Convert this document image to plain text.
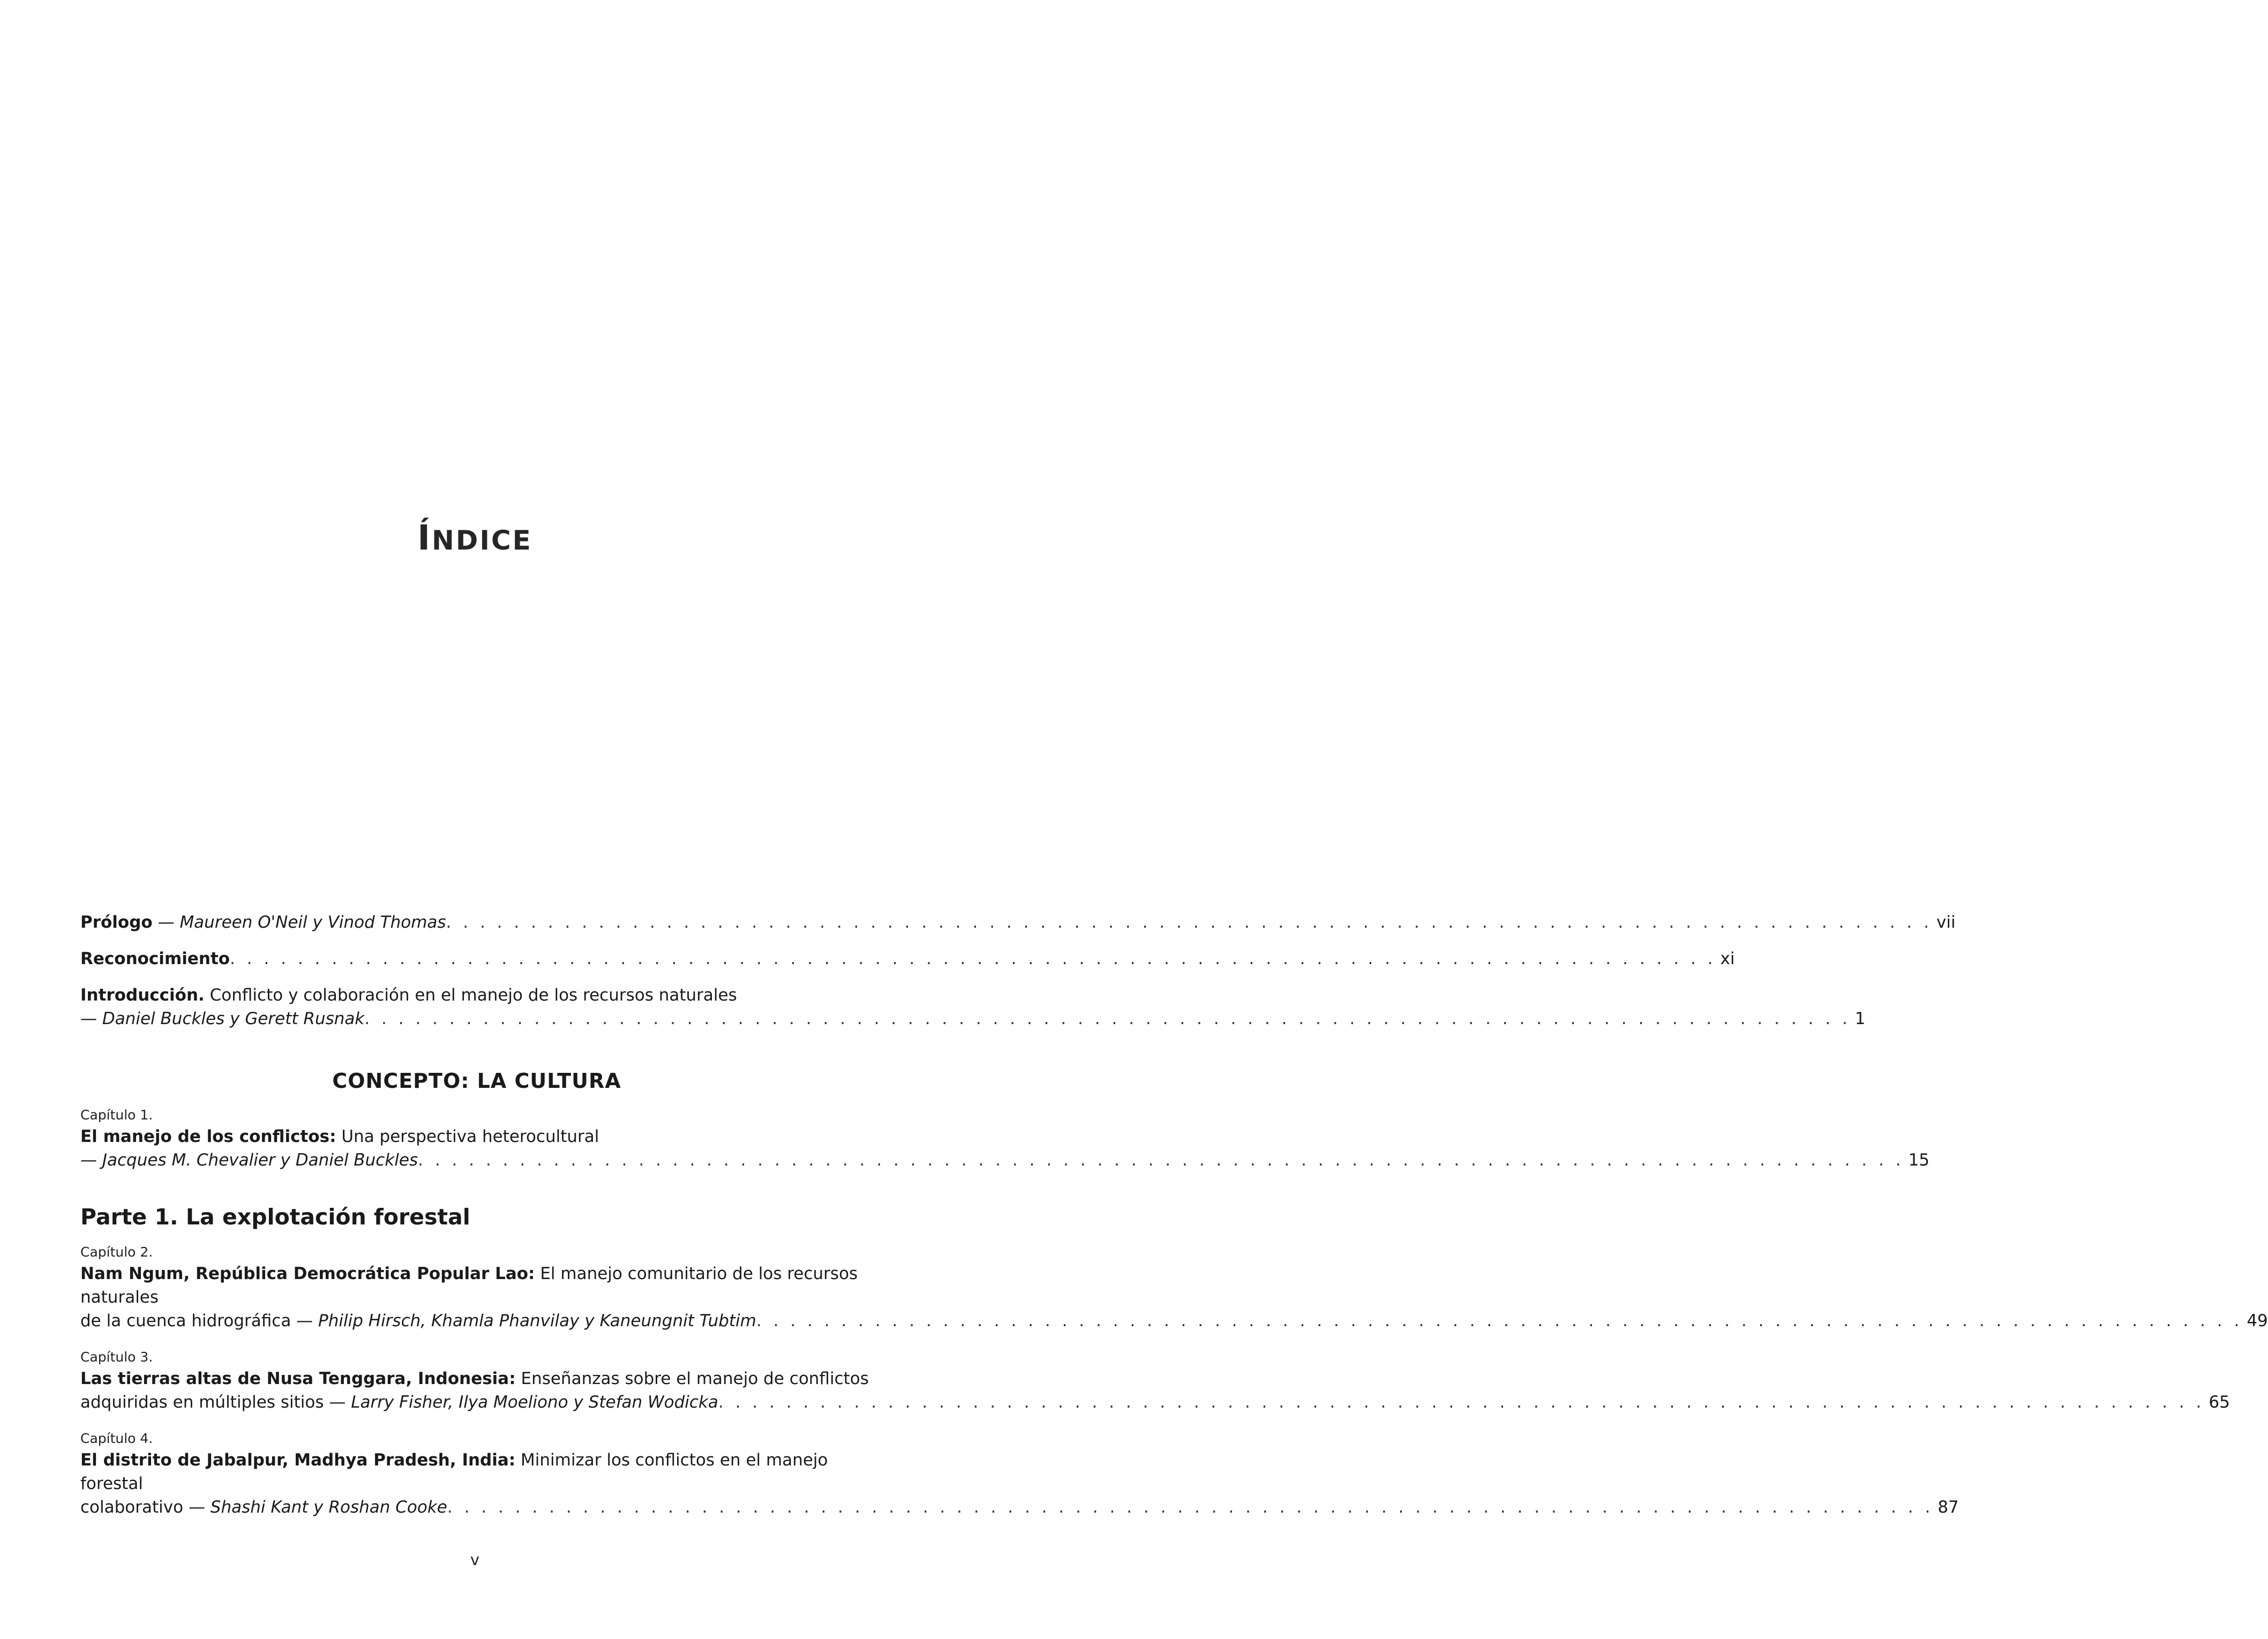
ÍNDICE
Prólogo — Maureen O'Neil y Vinod Thomas . . . . . . . . . . . . . . . . . . . . . . . . . . . . . . . . . . . . . . . . . . . . . . . . . . . . . . . . . . . . . . . . . . . . . . . . . . . . . . . . . . . . . . . . vii
Reconocimiento . . . . . . . . . . . . . . . . . . . . . . . . . . . . . . . . . . . . . . . . . . . . . . . . . . . . . . . . . . . . . . . . . . . . . . . . . . . . . . . . . . . . . . . . xi
Introducción. Conflicto y colaboración en el manejo de los recursos naturales
— Daniel Buckles y Gerett Rusnak . . . . . . . . . . . . . . . . . . . . . . . . . . . . . . . . . . . . . . . . . . . . . . . . . . . . . . . . . . . . . . . . . . . . . . . . . . . . . . . . . . . . . . . . 1
CONCEPTO: LA CULTURA
Capítulo 1.
El manejo de los conflictos: Una perspectiva heterocultural
— Jacques M. Chevalier y Daniel Buckles . . . . . . . . . . . . . . . . . . . . . . . . . . . . . . . . . . . . . . . . . . . . . . . . . . . . . . . . . . . . . . . . . . . . . . . . . . . . . . . . . . . . . . . . 15
Parte 1. La explotación forestal
Capítulo 2.
Nam Ngum, República Democrática Popular Lao: El manejo comunitario de los recursos naturales
de la cuenca hidrográfica — Philip Hirsch, Khamla Phanvilay y Kaneungnit Tubtim . . . . . . . . . . . . . . . . . . . . . . . . . . . . . . . . . . . . . . . . . . . . . . . . . . . . . . . . . . . . . . . . . . . . . . . . . . . . . . . . . . . . . . . . 49
Capítulo 3.
Las tierras altas de Nusa Tenggara, Indonesia: Enseñanzas sobre el manejo de conflictos
adquiridas en múltiples sitios — Larry Fisher, Ilya Moeliono y Stefan Wodicka . . . . . . . . . . . . . . . . . . . . . . . . . . . . . . . . . . . . . . . . . . . . . . . . . . . . . . . . . . . . . . . . . . . . . . . . . . . . . . . . . . . . . . . . 65
Capítulo 4.
El distrito de Jabalpur, Madhya Pradesh, India: Minimizar los conflictos en el manejo forestal
colaborativo — Shashi Kant y Roshan Cooke . . . . . . . . . . . . . . . . . . . . . . . . . . . . . . . . . . . . . . . . . . . . . . . . . . . . . . . . . . . . . . . . . . . . . . . . . . . . . . . . . . . . . . . . 87
v
